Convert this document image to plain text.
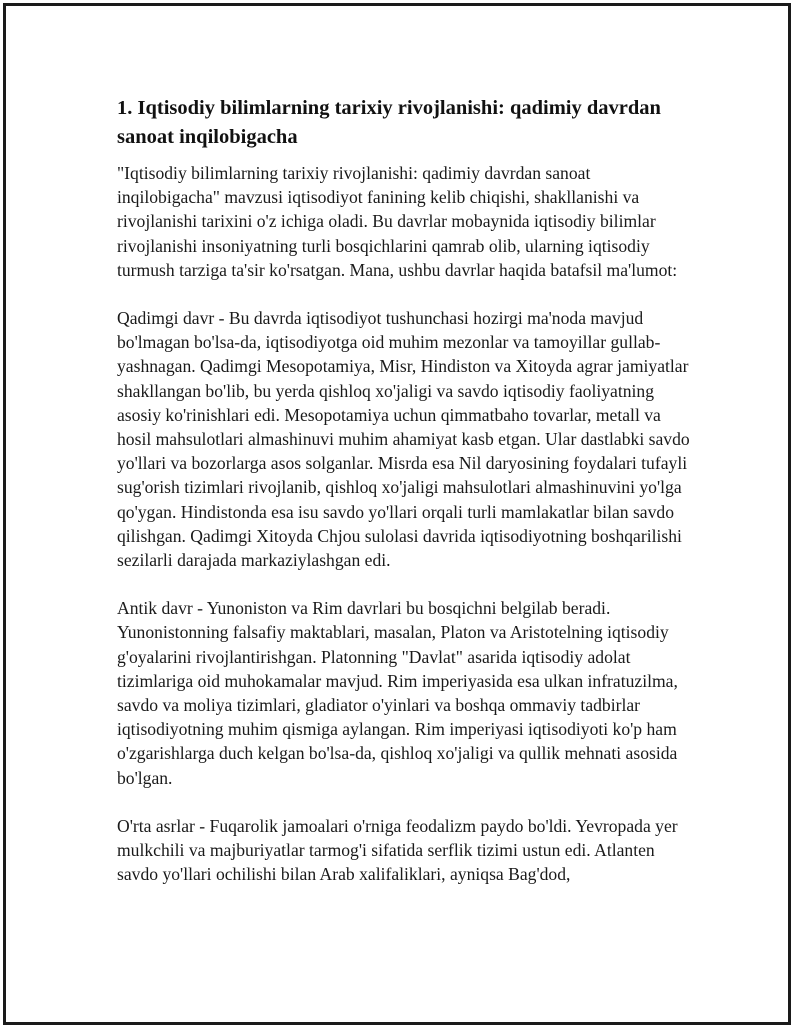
1. Iqtisodiy bilimlarning tarixiy rivojlanishi: qadimiy davrdan sanoat inqilobigacha

"Iqtisodiy bilimlarning tarixiy rivojlanishi: qadimiy davrdan sanoat inqilobigacha" mavzusi iqtisodiyot fanining kelib chiqishi, shakllanishi va rivojlanishi tarixini o'z ichiga oladi. Bu davrlar mobaynida iqtisodiy bilimlar rivojlanishi insoniyatning turli bosqichlarini qamrab olib, ularning iqtisodiy turmush tarziga ta'sir ko'rsatgan. Mana, ushbu davrlar haqida batafsil ma'lumot:

Qadimgi davr - Bu davrda iqtisodiyot tushunchasi hozirgi ma'noda mavjud bo'lmagan bo'lsa-da, iqtisodiyotga oid muhim mezonlar va tamoyillar gullab-yashnagan. Qadimgi Mesopotamiya, Misr, Hindiston va Xitoyda agrar jamiyatlar shakllangan bo'lib, bu yerda qishloq xo'jaligi va savdo iqtisodiy faoliyatning asosiy ko'rinishlari edi. Mesopotamiya uchun qimmatbaho tovarlar, metall va hosil mahsulotlari almashinuvi muhim ahamiyat kasb etgan. Ular dastlabki savdo yo'llari va bozorlarga asos solganlar. Misrda esa Nil daryosining foydalari tufayli sug'orish tizimlari rivojlanib, qishloq xo'jaligi mahsulotlari almashinuvini yo'lga qo'ygan. Hindistonda esa isu savdo yo'llari orqali turli mamlakatlar bilan savdo qilishgan. Qadimgi Xitoyda Chjou sulolasi davrida iqtisodiyotning boshqarilishi sezilarli darajada markaziylashgan edi.

Antik davr - Yunoniston va Rim davrlari bu bosqichni belgilab beradi. Yunonistonning falsafiy maktablari, masalan, Platon va Aristotelning iqtisodiy g'oyalarini rivojlantirishgan. Platonning "Davlat" asarida iqtisodiy adolat tizimlariga oid muhokamalar mavjud. Rim imperiyasida esa ulkan infratuzilma, savdo va moliya tizimlari, gladiator o'yinlari va boshqa ommaviy tadbirlar iqtisodiyotning muhim qismiga aylangan. Rim imperiyasi iqtisodiyoti ko'p ham o'zgarishlarga duch kelgan bo'lsa-da, qishloq xo'jaligi va qullik mehnati asosida bo'lgan.

O'rta asrlar - Fuqarolik jamoalari o'rniga feodalizm paydo bo'ldi. Yevropada yer mulkchili va majburiyatlar tarmog'i sifatida serflik tizimi ustun edi. Atlanten savdo yo'llari ochilishi bilan Arab xalifaliklari, ayniqsa Bag'dod,
